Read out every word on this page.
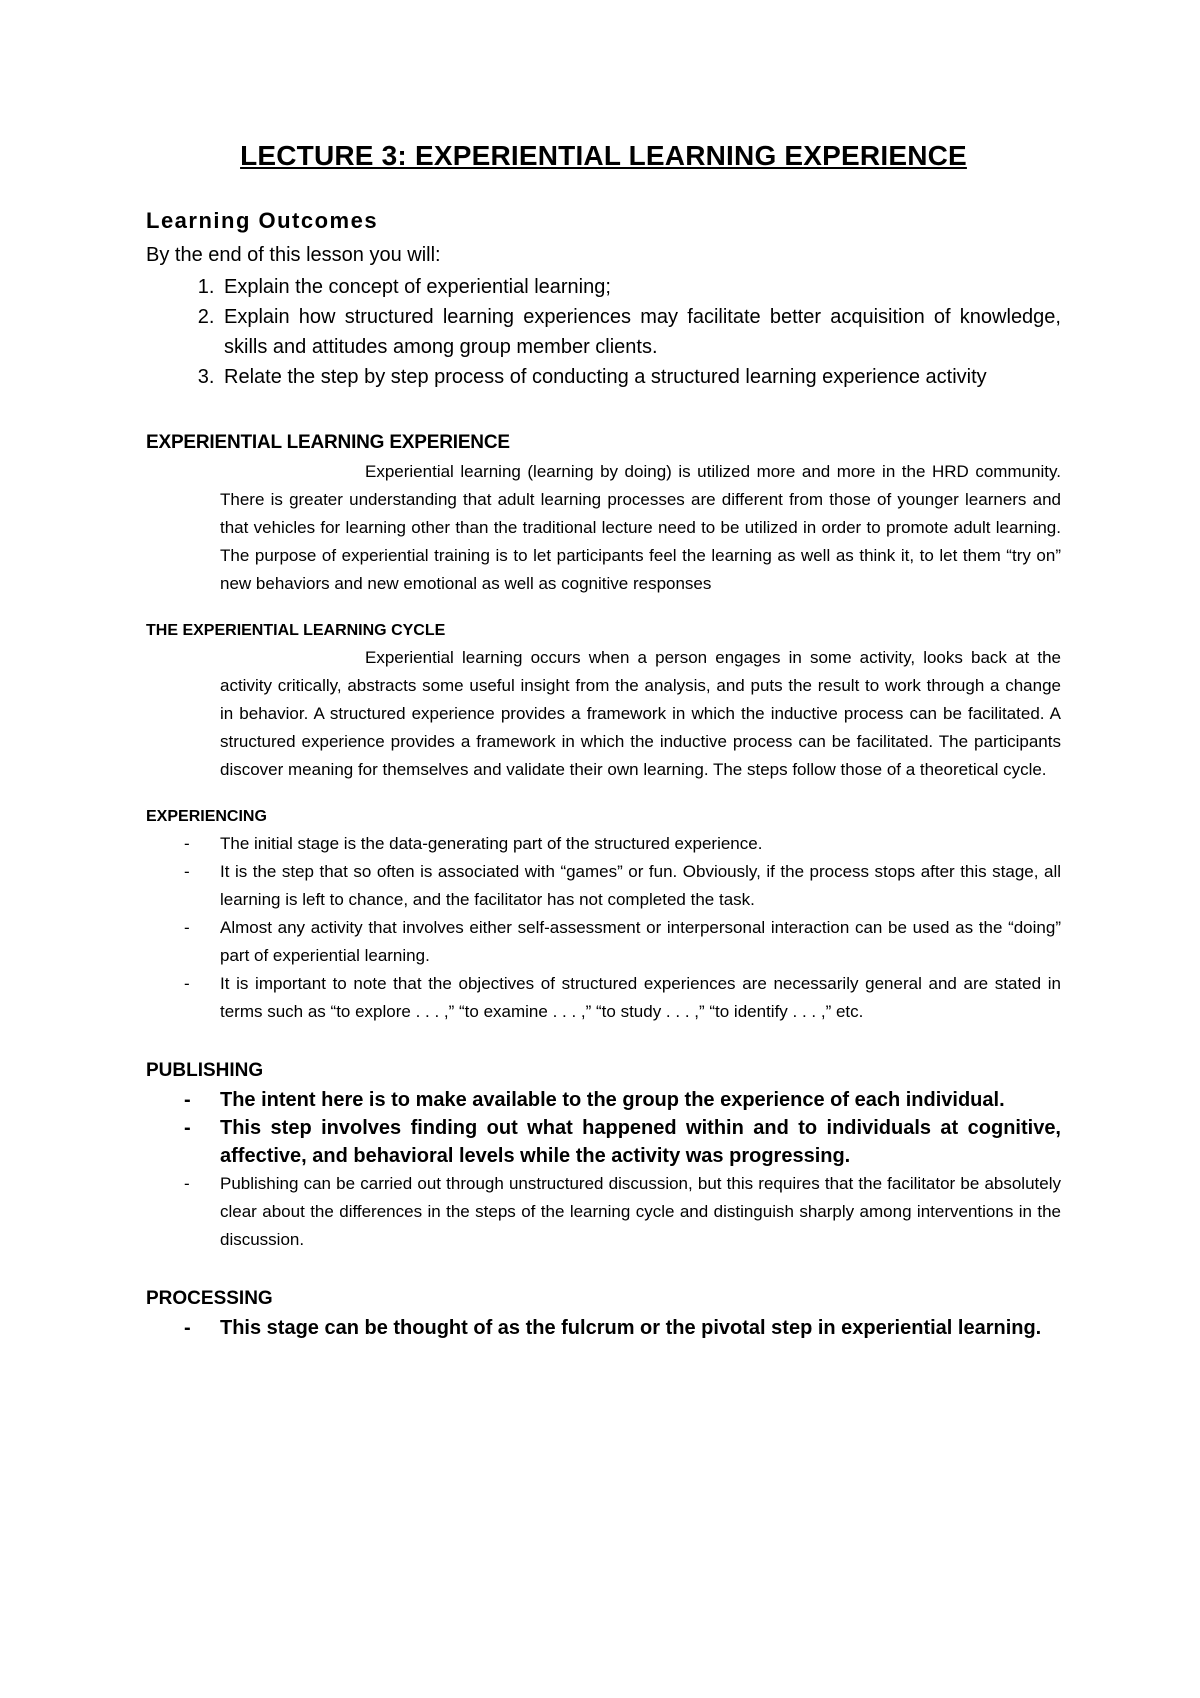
LECTURE 3: EXPERIENTIAL LEARNING EXPERIENCE
Learning Outcomes
By the end of this lesson you will:
1. Explain the concept of experiential learning;
2. Explain how structured learning experiences may facilitate better acquisition of knowledge, skills and attitudes among group member clients.
3. Relate the step by step process of conducting a structured learning experience activity
EXPERIENTIAL LEARNING EXPERIENCE

Experiential learning (learning by doing) is utilized more and more in the HRD community. There is greater understanding that adult learning processes are different from those of younger learners and that vehicles for learning other than the traditional lecture need to be utilized in order to promote adult learning. The purpose of experiential training is to let participants feel the learning as well as think it, to let them “try on” new behaviors and new emotional as well as cognitive responses

THE EXPERIENTIAL LEARNING CYCLE

Experiential learning occurs when a person engages in some activity, looks back at the activity critically, abstracts some useful insight from the analysis, and puts the result to work through a change in behavior. A structured experience provides a framework in which the inductive process can be facilitated. A structured experience provides a framework in which the inductive process can be facilitated. The participants discover meaning for themselves and validate their own learning. The steps follow those of a theoretical cycle.

EXPERIENCING
- The initial stage is the data-generating part of the structured experience.
- It is the step that so often is associated with “games” or fun. Obviously, if the process stops after this stage, all learning is left to chance, and the facilitator has not completed the task.
- Almost any activity that involves either self-assessment or interpersonal interaction can be used as the “doing” part of experiential learning.
- It is important to note that the objectives of structured experiences are necessarily general and are stated in terms such as “to explore . . . ,” “to examine . . . ,” “to study . . . ,” “to identify . . . ,” etc.
PUBLISHING
- The intent here is to make available to the group the experience of each individual.
- This step involves finding out what happened within and to individuals at cognitive, affective, and behavioral levels while the activity was progressing.
- Publishing can be carried out through unstructured discussion, but this requires that the facilitator be absolutely clear about the differences in the steps of the learning cycle and distinguish sharply among interventions in the discussion.
PROCESSING
- This stage can be thought of as the fulcrum or the pivotal step in experiential learning.
